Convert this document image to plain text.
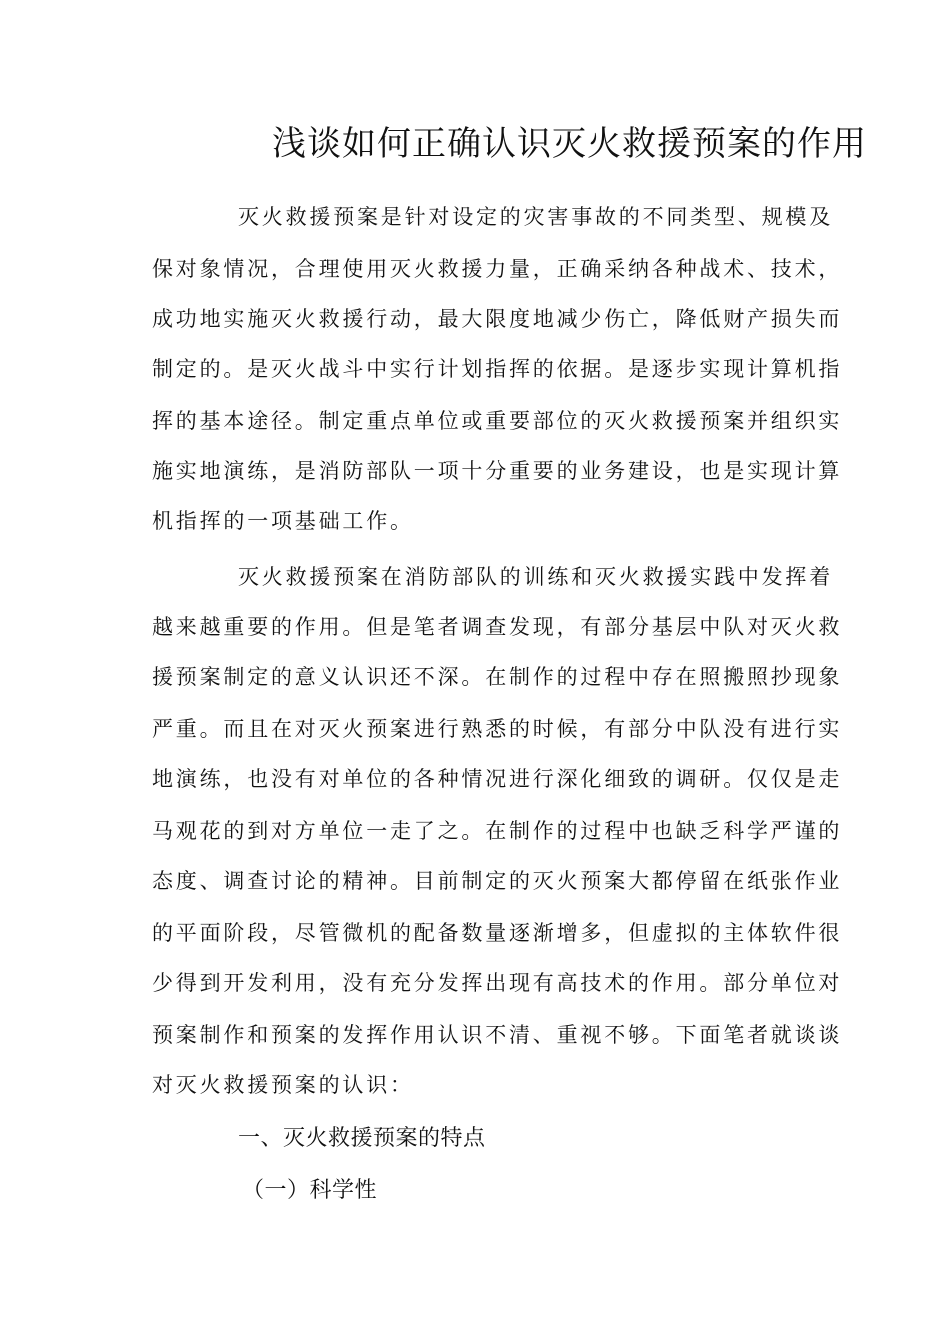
浅谈如何正确认识灭火救援预案的作用
灭火救援预案是针对设定的灾害事故的不同类型、规模及
保对象情况，合理使用灭火救援力量，正确采纳各种战术、技术，
成功地实施灭火救援行动，最大限度地减少伤亡，降低财产损失而
制定的。是灭火战斗中实行计划指挥的依据。是逐步实现计算机指
挥的基本途径。制定重点单位或重要部位的灭火救援预案并组织实
施实地演练，是消防部队一项十分重要的业务建设，也是实现计算
机指挥的一项基础工作。
灭火救援预案在消防部队的训练和灭火救援实践中发挥着
越来越重要的作用。但是笔者调查发现，有部分基层中队对灭火救
援预案制定的意义认识还不深。在制作的过程中存在照搬照抄现象
严重。而且在对灭火预案进行熟悉的时候，有部分中队没有进行实
地演练，也没有对单位的各种情况进行深化细致的调研。仅仅是走
马观花的到对方单位一走了之。在制作的过程中也缺乏科学严谨的
态度、调查讨论的精神。目前制定的灭火预案大都停留在纸张作业
的平面阶段，尽管微机的配备数量逐渐增多，但虚拟的主体软件很
少得到开发利用，没有充分发挥出现有高技术的作用。部分单位对
预案制作和预案的发挥作用认识不清、重视不够。下面笔者就谈谈
对灭火救援预案的认识：
一、灭火救援预案的特点
（一）科学性
